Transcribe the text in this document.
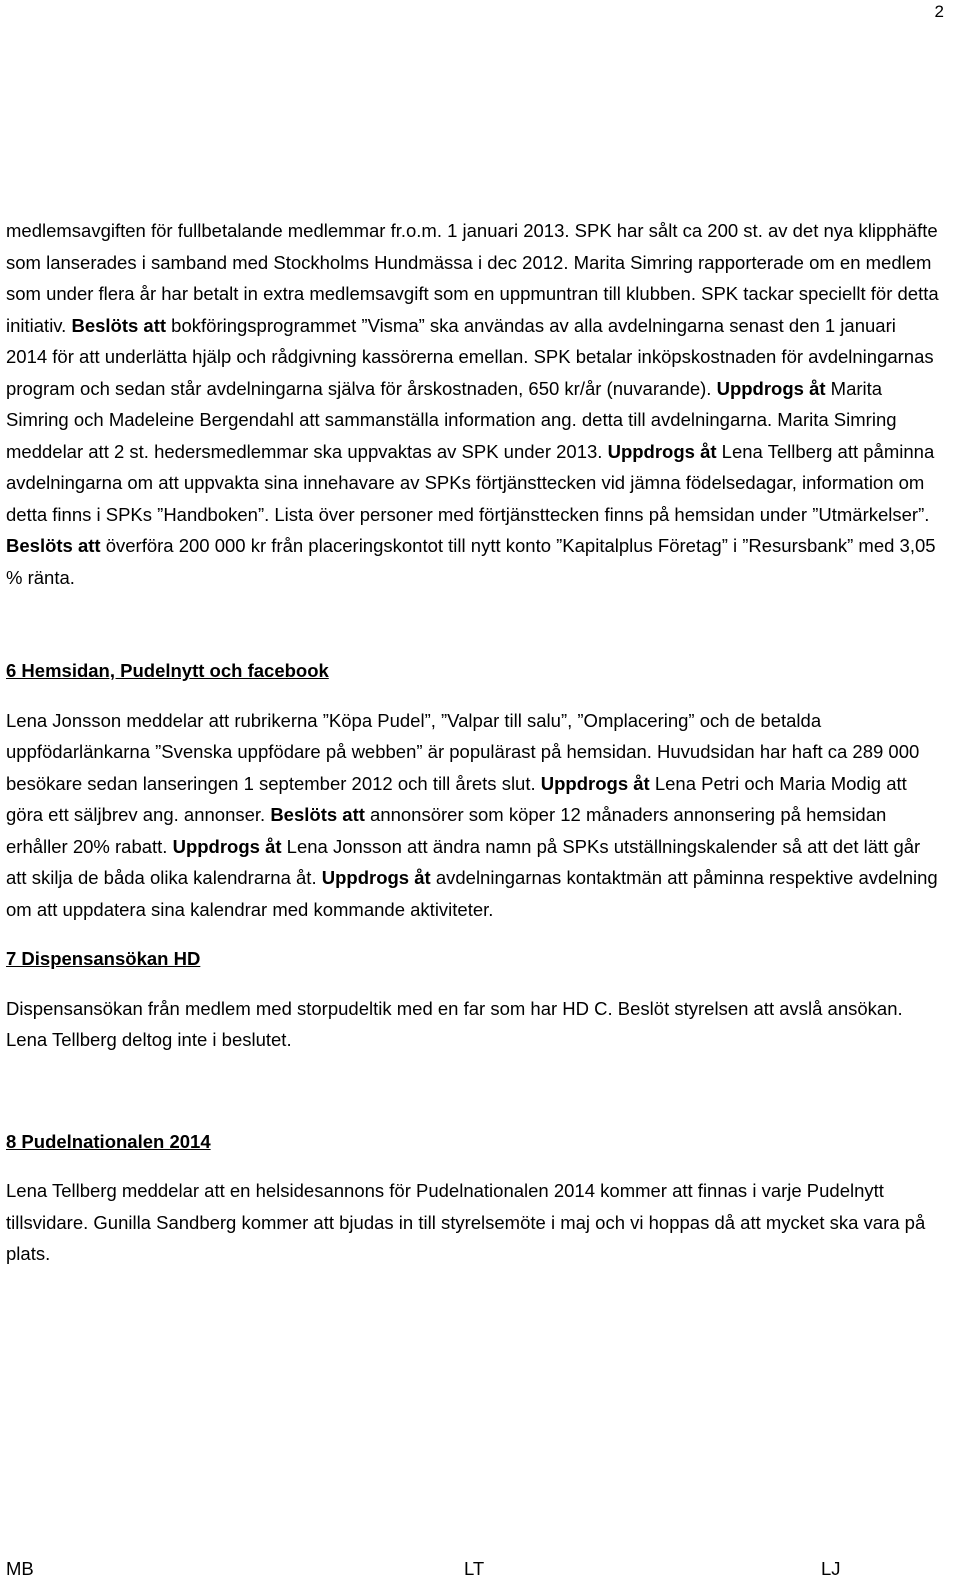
2

medlemsavgiften för fullbetalande medlemmar fr.o.m. 1 januari 2013. SPK har sålt ca 200 st. av det nya klipphäfte som lanserades i samband med Stockholms Hundmässa i dec 2012. Marita Simring rapporterade om en medlem som under flera år har betalt in extra medlemsavgift som en uppmuntran till klubben. SPK tackar speciellt för detta initiativ. Beslöts att bokföringsprogrammet ”Visma” ska användas av alla avdelningarna senast den 1 januari 2014 för att underlätta hjälp och rådgivning kassörerna emellan. SPK betalar inköpskostnaden för avdelningarnas program och sedan står avdelningarna själva för årskostnaden, 650 kr/år (nuvarande). Uppdrogs åt Marita Simring och Madeleine Bergendahl att sammanställa information ang. detta till avdelningarna. Marita Simring meddelar att 2 st. hedersmedlemmar ska uppvaktas av SPK under 2013. Uppdrogs åt Lena Tellberg att påminna avdelningarna om att uppvakta sina innehavare av SPKs förtjänsttecken vid jämna födelsedagar, information om detta finns i SPKs ”Handboken”. Lista över personer med förtjänsttecken finns på hemsidan under ”Utmärkelser”. Beslöts att överföra 200 000 kr från placeringskontot till nytt konto ”Kapitalplus Företag” i ”Resursbank” med 3,05 % ränta.

6 Hemsidan, Pudelnytt och facebook

Lena Jonsson meddelar att rubrikerna ”Köpa Pudel”, ”Valpar till salu”, ”Omplacering” och de betalda uppfödarlänkarna ”Svenska uppfödare på webben” är populärast på hemsidan. Huvudsidan har haft ca 289 000 besökare sedan lanseringen 1 september 2012 och till årets slut. Uppdrogs åt Lena Petri och Maria Modig att göra ett säljbrev ang. annonser. Beslöts att annonsörer som köper 12 månaders annonsering på hemsidan erhåller 20% rabatt. Uppdrogs åt Lena Jonsson att ändra namn på SPKs utställningskalender så att det lätt går att skilja de båda olika kalendrarna åt. Uppdrogs åt avdelningarnas kontaktmän att påminna respektive avdelning om att uppdatera sina kalendrar med kommande aktiviteter.

7 Dispensansökan HD

Dispensansökan från medlem med storpudeltik med en far som har HD C. Beslöt styrelsen att avslå ansökan. Lena Tellberg deltog inte i beslutet.

8 Pudelnationalen 2014

Lena Tellberg meddelar att en helsidesannons för Pudelnationalen 2014 kommer att finnas i varje Pudelnytt tillsvidare. Gunilla Sandberg kommer att bjudas in till styrelsemöte i maj och vi hoppas då att mycket ska vara på plats.

MB	LT	LJ
